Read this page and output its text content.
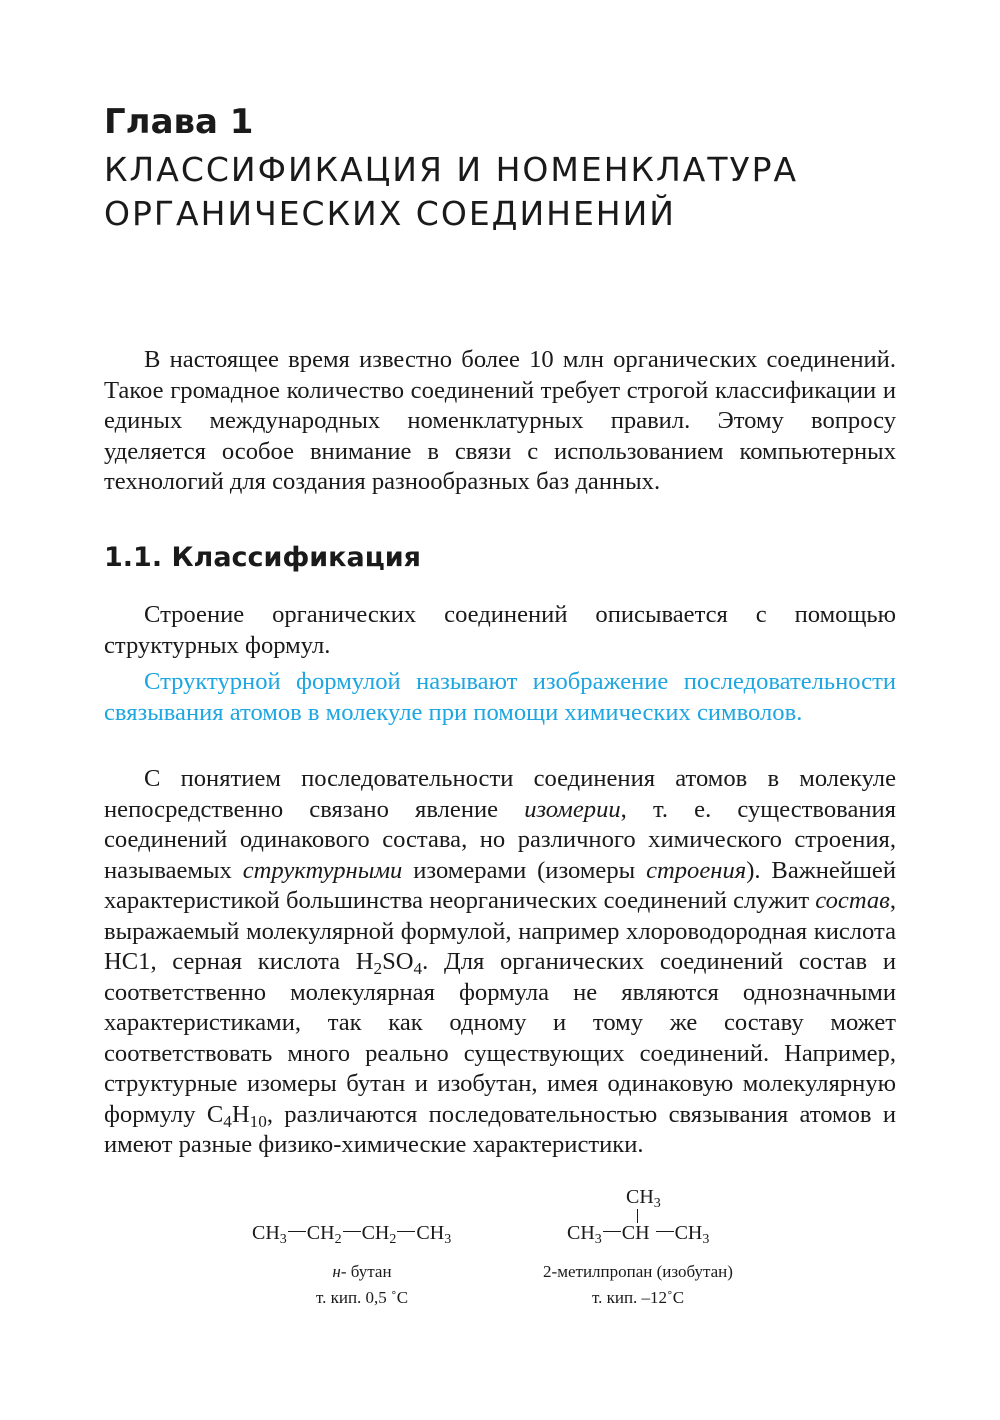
Глава 1
КЛАССИФИКАЦИЯ И НОМЕНКЛАТУРА
ОРГАНИЧЕСКИХ СОЕДИНЕНИЙ

В настоящее время известно более 10 млн органических соединений. Такое громадное количество соединений требует строгой классификации и единых международных номенклатурных правил. Этому вопросу уделяется особое внимание в связи с использованием компьютерных технологий для создания разнообразных баз данных.

1.1. Классификация

Строение органических соединений описывается с помощью структурных формул.

Структурной формулой называют изображение последовательности связывания атомов в молекуле при помощи химических символов.

С понятием последовательности соединения атомов в молекуле непосредственно связано явление изомерии, т. е. существования соединений одинакового состава, но различного химического строения, называемых структурными изомерами (изомеры строения). Важнейшей характеристикой большинства неорганических соединений служит состав, выражаемый молекулярной формулой, например хлороводородная кислота НС1, серная кислота $H_2SO_4$. Для органических соединений состав и соответственно молекулярная формула не являются однозначными характеристиками, так как одному и тому же составу может соответствовать много реально существующих соединений. Например, структурные изомеры бутан и изобутан, имея одинаковую молекулярную формулу $С_4Н_{10}$, различаются последовательностью связывания атомов и имеют разные физико-химические характеристики.

$CH_3$ $CH_2$ $CH_2$ $CH_3$
н- бутан
т. кип. 0,5 ˚С
$CH_3$
$CH_3$ CH $CH_3$
2-метилпропан (изобутан)
т. кип. –12˚С
